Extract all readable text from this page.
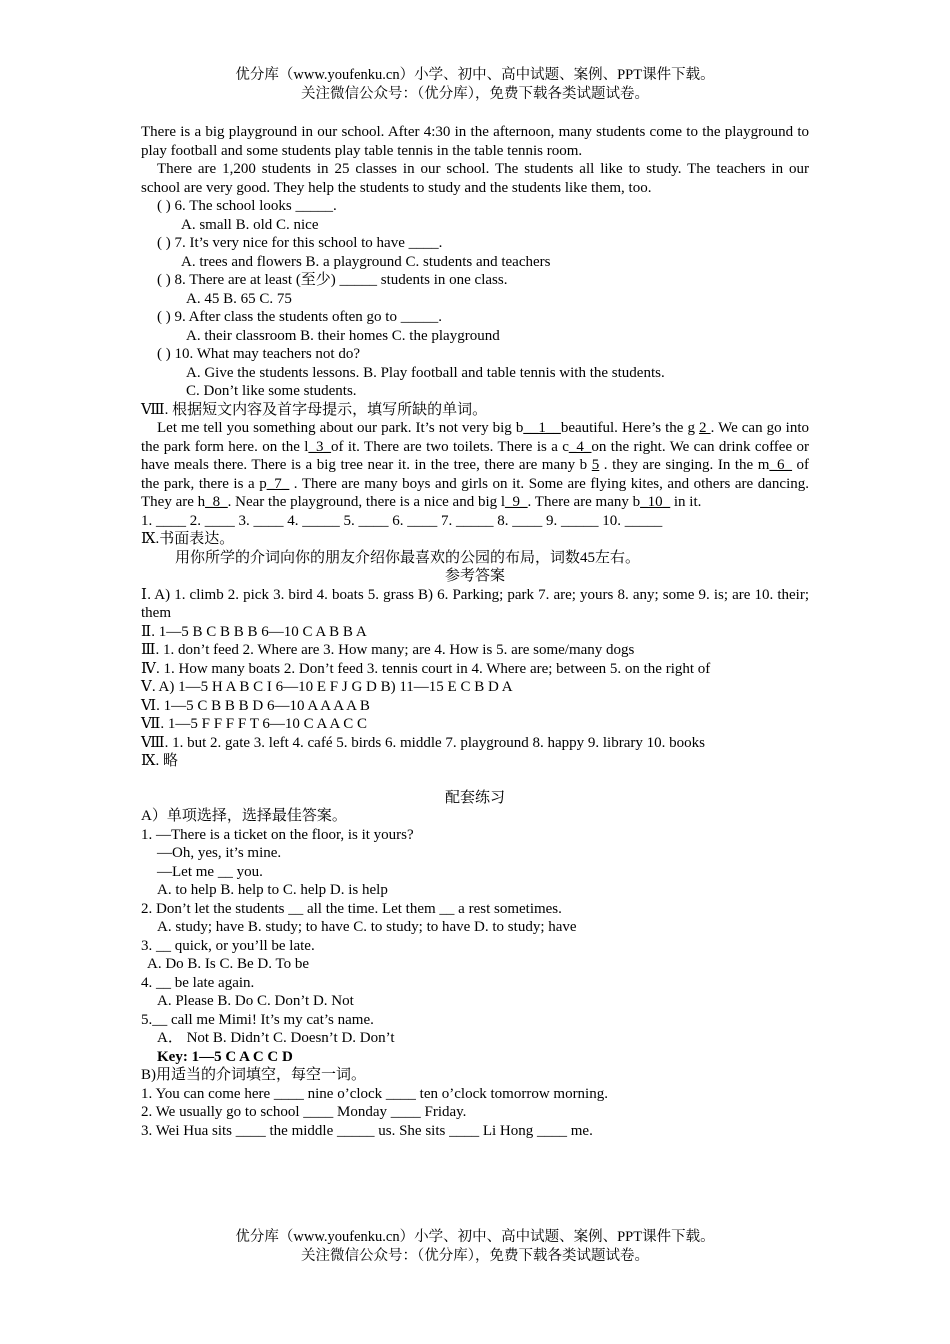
优分库（www.youfenku.cn）小学、初中、高中试题、案例、PPT课件下载。
关注微信公众号：（优分库），免费下载各类试题试卷。

There is a big playground in our school. After 4:30 in the afternoon, many students come to the playground to play football and some students play table tennis in the table tennis room.

There are 1,200 students in 25 classes in our school. The students all like to study. The teachers in our school are very good. They help the students to study and the students like them, too.

( ) 6. The school looks _____.

A. small B. old C. nice

( ) 7. It’s very nice for this school to have ____.

A. trees and flowers B. a playground C. students and teachers

( ) 8. There are at least (至少) _____ students in one class.

A. 45 B. 65 C. 75

( ) 9. After class the students often go to _____.

A. their classroom B. their homes C. the playground

( ) 10. What may teachers not do?

A. Give the students lessons. B. Play football and table tennis with the students.

C. Don’t like some students.

Ⅷ. 根据短文内容及首字母提示，填写所缺的单词。

Let me tell you something about our park. It’s not very big b__1__beautiful. Here’s the g 2 . We can go into the park form here. on the l_3_of it. There are two toilets. There is a c_4_on the right. We can drink coffee or have meals there. There is a big tree near it. in the tree, there are many b 5 . they are singing. In the m_6_ of the park, there is a p_7_ . There are many boys and girls on it. Some are flying kites, and others are dancing. They are h_8_. Near the playground, there is a nice and big l_9_. There are many b_10_ in it.

1. ____ 2. ____ 3. ____ 4. _____ 5. ____ 6. ____ 7. _____ 8. ____ 9. _____ 10. _____

Ⅸ.书面表达。

用你所学的介词向你的朋友介绍你最喜欢的公园的布局，词数45左右。

参考答案

Ⅰ. A) 1. climb 2. pick 3. bird 4. boats 5. grass B) 6. Parking; park 7. are; yours 8. any; some 9. is; are 10. their; them

Ⅱ. 1—5 B C B B B 6—10 C A B B A

Ⅲ. 1. don’t feed 2. Where are 3. How many; are 4. How is 5. are some/many dogs

Ⅳ. 1. How many boats 2. Don’t feed 3. tennis court in 4. Where are; between 5. on the right of

Ⅴ. A) 1—5 H A B C I 6—10 E F J G D B) 11—15 E C B D A

Ⅵ. 1—5 C B B B D 6—10 A A A A B

Ⅶ. 1—5 F F F F T 6—10 C A A C C

Ⅷ. 1. but 2. gate 3. left 4. café 5. birds 6. middle 7. playground 8. happy 9. library 10. books

Ⅸ. 略

配套练习

A）单项选择，选择最佳答案。

1. —There is a ticket on the floor, is it yours?

—Oh, yes, it’s mine.

—Let me __ you.

A. to help B. help to C. help D. is help

2. Don’t let the students __ all the time. Let them __ a rest sometimes.

A. study; have B. study; to have C. to study; to have D. to study; have

3. __ quick, or you’ll be late.

A. Do B. Is C. Be D. To be

4. __ be late again.

A. Please B. Do C. Don’t D. Not

5.__ call me Mimi! It’s my cat’s name.

A． Not B. Didn’t C. Doesn’t D. Don’t

Key: 1—5 C A C C D

B)用适当的介词填空，每空一词。

1. You can come here ____ nine o’clock ____ ten o’clock tomorrow morning.

2. We usually go to school ____ Monday ____ Friday.

3. Wei Hua sits ____ the middle _____ us. She sits ____ Li Hong ____ me.

优分库（www.youfenku.cn）小学、初中、高中试题、案例、PPT课件下载。
关注微信公众号：（优分库），免费下载各类试题试卷。
